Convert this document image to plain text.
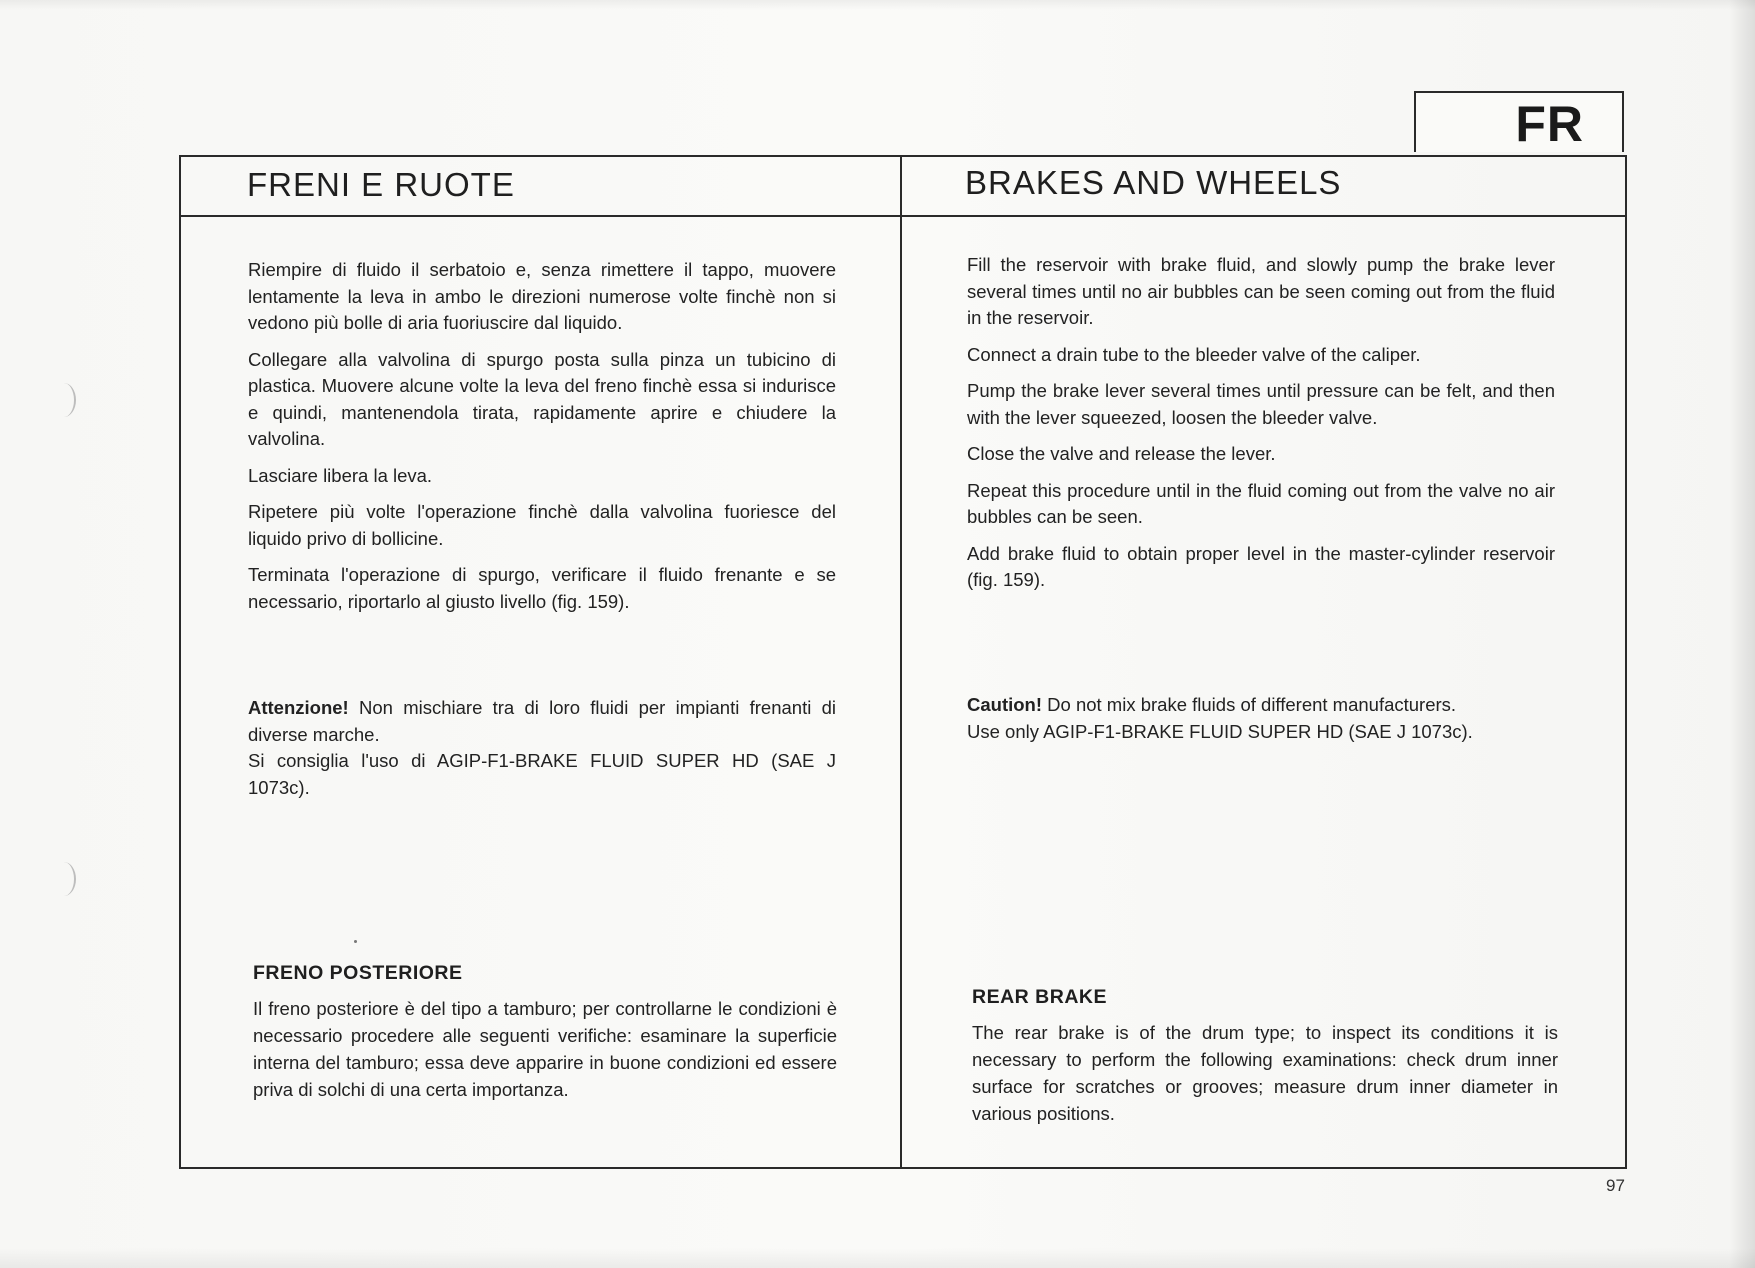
FR
FRENI E RUOTE	BRAKES AND WHEELS

Riempire di fluido il serbatoio e, senza rimettere il tappo, muovere lentamente la leva in ambo le direzioni numerose volte finchè non si vedono più bolle di aria fuoriuscire dal liquido.

Collegare alla valvolina di spurgo posta sulla pinza un tubicino di plastica. Muovere alcune volte la leva del freno finchè essa si indurisce e quindi, mantenendola tirata, rapidamente aprire e chiudere la valvolina.

Lasciare libera la leva.

Ripetere più volte l'operazione finchè dalla valvolina fuoriesce del liquido privo di bollicine.

Terminata l'operazione di spurgo, verificare il fluido frenante e se necessario, riportarlo al giusto livello (fig. 159).

Fill the reservoir with brake fluid, and slowly pump the brake lever several times until no air bubbles can be seen coming out from the fluid in the reservoir.

Connect a drain tube to the bleeder valve of the caliper.

Pump the brake lever several times until pressure can be felt, and then with the lever squeezed, loosen the bleeder valve.

Close the valve and release the lever.

Repeat this procedure until in the fluid coming out from the valve no air bubbles can be seen.

Add brake fluid to obtain proper level in the master-cylinder reservoir (fig. 159).

Attenzione! Non mischiare tra di loro fluidi per impianti frenanti di diverse marche.
Si consiglia l'uso di AGIP-F1-BRAKE FLUID SUPER HD (SAE J 1073c).
Caution! Do not mix brake fluids of different manufacturers.
Use only AGIP-F1-BRAKE FLUID SUPER HD (SAE J 1073c).
FRENO POSTERIORE
Il freno posteriore è del tipo a tamburo; per controllarne le condizioni è necessario procedere alle seguenti verifiche: esaminare la superficie interna del tamburo; essa deve apparire in buone condizioni ed essere priva di solchi di una certa importanza.
REAR BRAKE
The rear brake is of the drum type; to inspect its conditions it is necessary to perform the following examinations: check drum inner surface for scratches or grooves; measure drum inner diameter in various positions.
97
